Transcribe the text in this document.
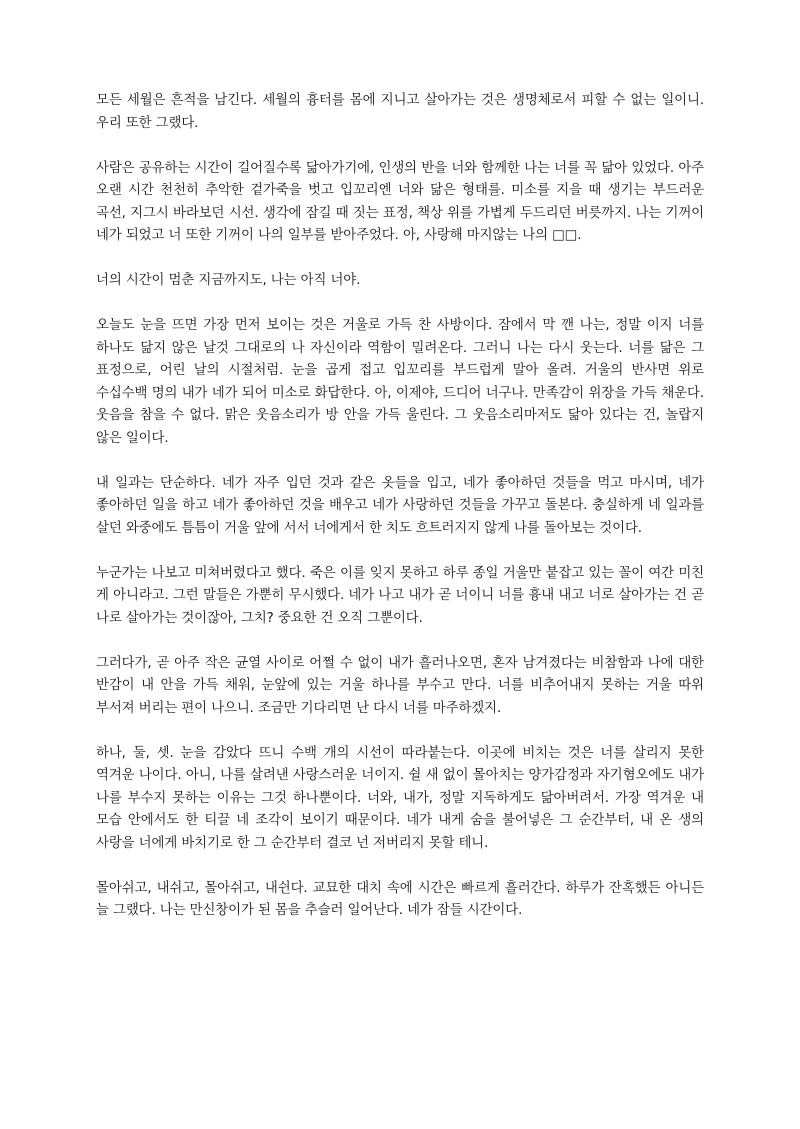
모든 세월은 흔적을 남긴다. 세월의 흉터를 몸에 지니고 살아가는 것은 생명체로서 피할 수 없는 일이니. 우리 또한 그랬다.

사람은 공유하는 시간이 길어질수록 닮아가기에, 인생의 반을 너와 함께한 나는 너를 꼭 닮아 있었다. 아주 오랜 시간 천천히 추악한 겉가죽을 벗고 입꼬리엔 너와 닮은 형태를. 미소를 지을 때 생기는 부드러운 곡선, 지그시 바라보던 시선. 생각에 잠길 때 짓는 표정, 책상 위를 가볍게 두드리던 버릇까지. 나는 기꺼이 네가 되었고 너 또한 기꺼이 나의 일부를 받아주었다. 아, 사랑해 마지않는 나의 □□.

너의 시간이 멈춘 지금까지도, 나는 아직 너야.

오늘도 눈을 뜨면 가장 먼저 보이는 것은 거울로 가득 찬 사방이다. 잠에서 막 깬 나는, 정말 이지 너를 하나도 닮지 않은 날것 그대로의 나 자신이라 역함이 밀려온다. 그러니 나는 다시 웃는다. 너를 닮은 그 표정으로, 어린 날의 시절처럼. 눈을 곱게 접고 입꼬리를 부드럽게 말아 올려. 거울의 반사면 위로 수십수백 명의 내가 네가 되어 미소로 화답한다. 아, 이제야, 드디어 너구나. 만족감이 위장을 가득 채운다. 웃음을 참을 수 없다. 맑은 웃음소리가 방 안을 가득 울린다. 그 웃음소리마저도 닮아 있다는 건, 놀랍지 않은 일이다.

내 일과는 단순하다. 네가 자주 입던 것과 같은 옷들을 입고, 네가 좋아하던 것들을 먹고 마시며, 네가 좋아하던 일을 하고 네가 좋아하던 것을 배우고 네가 사랑하던 것들을 가꾸고 돌본다. 충실하게 네 일과를 살던 와중에도 틈틈이 거울 앞에 서서 너에게서 한 치도 흐트러지지 않게 나를 돌아보는 것이다.

누군가는 나보고 미쳐버렸다고 했다. 죽은 이를 잊지 못하고 하루 종일 거울만 붙잡고 있는 꼴이 여간 미친 게 아니라고. 그런 말들은 가뿐히 무시했다. 네가 나고 내가 곧 너이니 너를 흉내 내고 너로 살아가는 건 곧 나로 살아가는 것이잖아, 그치? 중요한 건 오직 그뿐이다.

그러다가, 곧 아주 작은 균열 사이로 어쩔 수 없이 내가 흘러나오면, 혼자 남겨졌다는 비참함과 나에 대한 반감이 내 안을 가득 채워, 눈앞에 있는 거울 하나를 부수고 만다. 너를 비추어내지 못하는 거울 따위 부서져 버리는 편이 나으니. 조금만 기다리면 난 다시 너를 마주하겠지.

하나, 둘, 셋. 눈을 감았다 뜨니 수백 개의 시선이 따라붙는다. 이곳에 비치는 것은 너를 살리지 못한 역겨운 나이다. 아니, 나를 살려낸 사랑스러운 너이지. 쉴 새 없이 몰아치는 양가감정과 자기혐오에도 내가 나를 부수지 못하는 이유는 그것 하나뿐이다. 너와, 내가, 정말 지독하게도 닮아버려서. 가장 역겨운 내 모습 안에서도 한 티끌 네 조각이 보이기 때문이다. 네가 내게 숨을 불어넣은 그 순간부터, 내 온 생의 사랑을 너에게 바치기로 한 그 순간부터 결코 넌 저버리지 못할 테니.

몰아쉬고, 내쉬고, 몰아쉬고, 내쉰다. 교묘한 대치 속에 시간은 빠르게 흘러간다. 하루가 잔혹했든 아니든 늘 그랬다. 나는 만신창이가 된 몸을 추슬러 일어난다. 네가 잠들 시간이다.
